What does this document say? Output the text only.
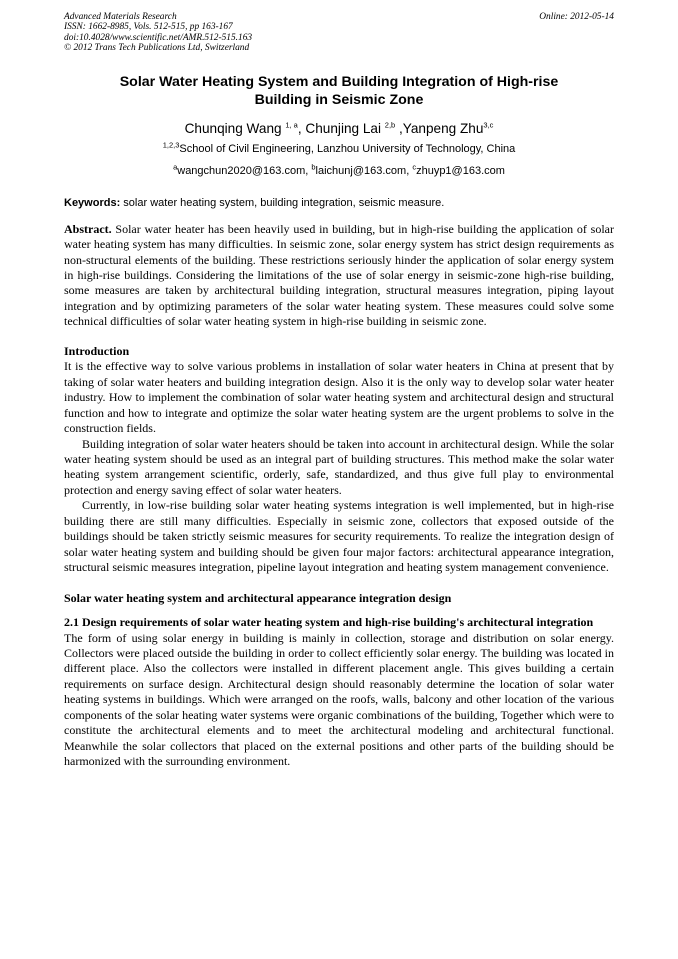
Advanced Materials Research	Online: 2012-05-14
ISSN: 1662-8985, Vols. 512-515, pp 163-167
doi:10.4028/www.scientific.net/AMR.512-515.163
© 2012 Trans Tech Publications Ltd, Switzerland
Solar Water Heating System and Building Integration of High-rise
Building in Seismic Zone
Chunqing Wang $^{1, a}$, Chunjing Lai $^{2,b}$ ,Yanpeng Zhu$^{3,c}$
$^{1,2,3}$School of Civil Engineering, Lanzhou University of Technology, China
$^a$wangchun2020@163.com, $^b$laichunj@163.com, $^c$zhuyp1@163.com
Keywords: solar water heating system, building integration, seismic measure.

Abstract. Solar water heater has been heavily used in building, but in high-rise building the application of solar water heating system has many difficulties. In seismic zone, solar energy system has strict design requirements as non-structural elements of the building. These restrictions seriously hinder the application of solar energy system in high-rise buildings. Considering the limitations of the use of solar energy in seismic-zone high-rise building, some measures are taken by architectural building integration, structural measures integration, piping layout integration and by optimizing parameters of the solar water heating system. These measures could solve some technical difficulties of solar water heating system in high-rise building in seismic zone.

Introduction

It is the effective way to solve various problems in installation of solar water heaters in China at present that by taking of solar water heaters and building integration design. Also it is the only way to develop solar water heater industry. How to implement the combination of solar water heating system and architectural design and structural function and how to integrate and optimize the solar water heating system are the urgent problems to solve in the construction fields.

Building integration of solar water heaters should be taken into account in architectural design. While the solar water heating system should be used as an integral part of building structures. This method make the solar water heating system arrangement scientific, orderly, safe, standardized, and thus give full play to environmental protection and energy saving effect of solar water heaters.

Currently, in low-rise building solar water heating systems integration is well implemented, but in high-rise building there are still many difficulties. Especially in seismic zone, collectors that exposed outside of the buildings should be taken strictly seismic measures for security requirements. To realize the integration design of solar water heating system and building should be given four major factors: architectural appearance integration, structural seismic measures integration, pipeline layout integration and heating system management convenience.

Solar water heating system and architectural appearance integration design
2.1 Design requirements of solar water heating system and high-rise building's architectural integration

The form of using solar energy in building is mainly in collection, storage and distribution on solar energy. Collectors were placed outside the building in order to collect efficiently solar energy. The building was located in different place. Also the collectors were installed in different placement angle. This gives building a certain requirements on surface design. Architectural design should reasonably determine the location of solar water heating systems in buildings. Which were arranged on the roofs, walls, balcony and other location of the various components of the solar heating water systems were organic combinations of the building, Together which were to constitute the architectural elements and to meet the architectural modeling and architectural functional. Meanwhile the solar collectors that placed on the external positions and other parts of the building should be harmonized with the surrounding environment.
